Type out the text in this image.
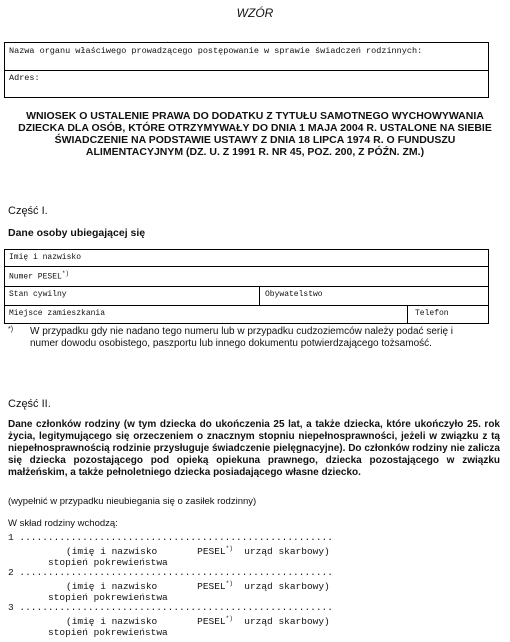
WZÓR
Nazwa organu właściwego prowadzącego postępowanie w sprawie świadczeń rodzinnych:
Adres:
WNIOSEK O USTALENIE PRAWA DO DODATKU Z TYTUŁU SAMOTNEGO WYCHOWYWANIA DZIECKA DLA OSÓB, KTÓRE OTRZYMYWAŁY DO DNIA 1 MAJA 2004 R. USTALONE NA SIEBIE ŚWIADCZENIE NA PODSTAWIE USTAWY Z DNIA 18 LIPCA 1974 R. O FUNDUSZU ALIMENTACYJNYM (DZ. U. Z 1991 R. NR 45, POZ. 200, Z PÓŹN. ZM.)
Część I.
Dane osoby ubiegającej się
Imię i nazwisko
Numer PESEL*)
Stan cywilny	Obywatelstwo
Miejsce zamieszkania	Telefon
*)	W przypadku gdy nie nadano tego numeru lub w przypadku cudzoziemców należy podać serię i numer dowodu osobistego, paszportu lub innego dokumentu potwierdzającego tożsamość.
Część II.
Dane członków rodziny (w tym dziecka do ukończenia 25 lat, a także dziecka, które ukończyło 25. rok życia, legitymującego się orzeczeniem o znacznym stopniu niepełnosprawności, jeżeli w związku z tą niepełnosprawnością rodzinie przysługuje świadczenie pielęgnacyjne). Do członków rodziny nie zalicza się dziecka pozostającego pod opieką opiekuna prawnego, dziecka pozostającego w związku małżeńskim, a także pełnoletniego dziecka posiadającego własne dziecko.
(wypełnić w przypadku nieubiegania się o zasiłek rodzinny)
W skład rodziny wchodzą:
1 .......................................................
(imię i nazwisko       PESEL*)  urząd skarbowy)
stopień pokrewieństwa
2 .......................................................
(imię i nazwisko       PESEL*)  urząd skarbowy)
stopień pokrewieństwa
3 .......................................................
(imię i nazwisko       PESEL*)  urząd skarbowy)
stopień pokrewieństwa
